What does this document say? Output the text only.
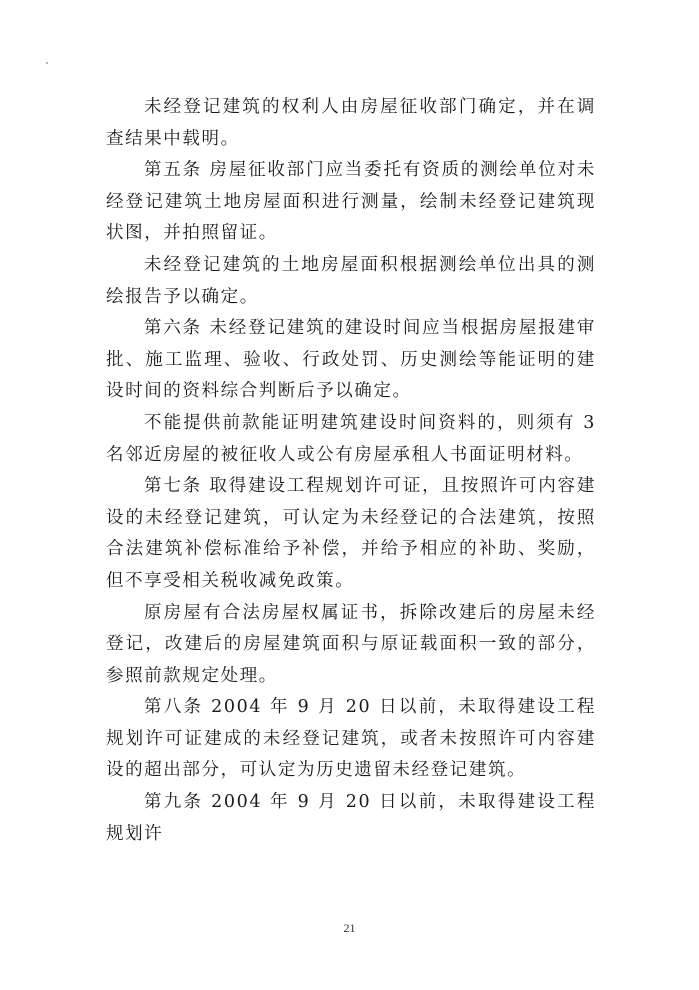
未经登记建筑的权利人由房屋征收部门确定，并在调查结果中载明。

第五条 房屋征收部门应当委托有资质的测绘单位对未经登记建筑土地房屋面积进行测量，绘制未经登记建筑现状图，并拍照留证。

未经登记建筑的土地房屋面积根据测绘单位出具的测绘报告予以确定。

第六条 未经登记建筑的建设时间应当根据房屋报建审批、施工监理、验收、行政处罚、历史测绘等能证明的建设时间的资料综合判断后予以确定。

不能提供前款能证明建筑建设时间资料的，则须有 3 名邻近房屋的被征收人或公有房屋承租人书面证明材料。

第七条 取得建设工程规划许可证，且按照许可内容建设的未经登记建筑，可认定为未经登记的合法建筑，按照合法建筑补偿标准给予补偿，并给予相应的补助、奖励，但不享受相关税收减免政策。

原房屋有合法房屋权属证书，拆除改建后的房屋未经登记，改建后的房屋建筑面积与原证载面积一致的部分，参照前款规定处理。

第八条 2004 年 9 月 20 日以前，未取得建设工程规划许可证建成的未经登记建筑，或者未按照许可内容建设的超出部分，可认定为历史遗留未经登记建筑。

第九条 2004 年 9 月 20 日以前，未取得建设工程规划许

21
